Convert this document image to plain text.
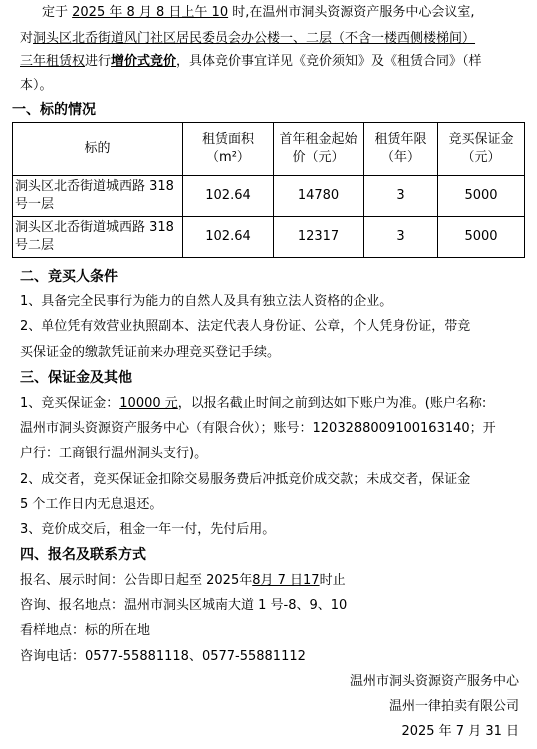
定于 2025 年 8 月 8 日上午 10 时,在温州市洞头资源资产服务中心会议室,
对洞头区北岙街道风门社区居民委员会办公楼一、二层（不含一楼西侧楼梯间）
三年租赁权进行增价式竞价，具体竞价事宜详见《竞价须知》及《租赁合同》（样
本）。
一、标的情况
标的	租赁面积（m²）	首年租金起始价（元）	租赁年限（年）	竞买保证金（元）
洞头区北岙街道城西路 318 号一层	102.64	14780	3	5000
洞头区北岙街道城西路 318 号二层	102.64	12317	3	5000
二、竞买人条件
1、具备完全民事行为能力的自然人及具有独立法人资格的企业。
2、单位凭有效营业执照副本、法定代表人身份证、公章，个人凭身份证，带竞
买保证金的缴款凭证前来办理竞买登记手续。
三、保证金及其他
1、竞买保证金：10000 元，以报名截止时间之前到达如下账户为准。(账户名称:
温州市洞头资源资产服务中心（有限合伙）；账号：1203288009100163140；开
户行：工商银行温州洞头支行)。
2、成交者，竞买保证金扣除交易服务费后冲抵竞价成交款；未成交者，保证金
5 个工作日内无息退还。
3、竞价成交后，租金一年一付，先付后用。
四、报名及联系方式
报名、展示时间：公告即日起至 2025年8月 7 日17时止
咨询、报名地点：温州市洞头区城南大道 1 号-8、9、10
看样地点：标的所在地
咨询电话：0577-55881118、0577-55881112
温州市洞头资源资产服务中心
温州一律拍卖有限公司
2025 年 7 月 31 日
